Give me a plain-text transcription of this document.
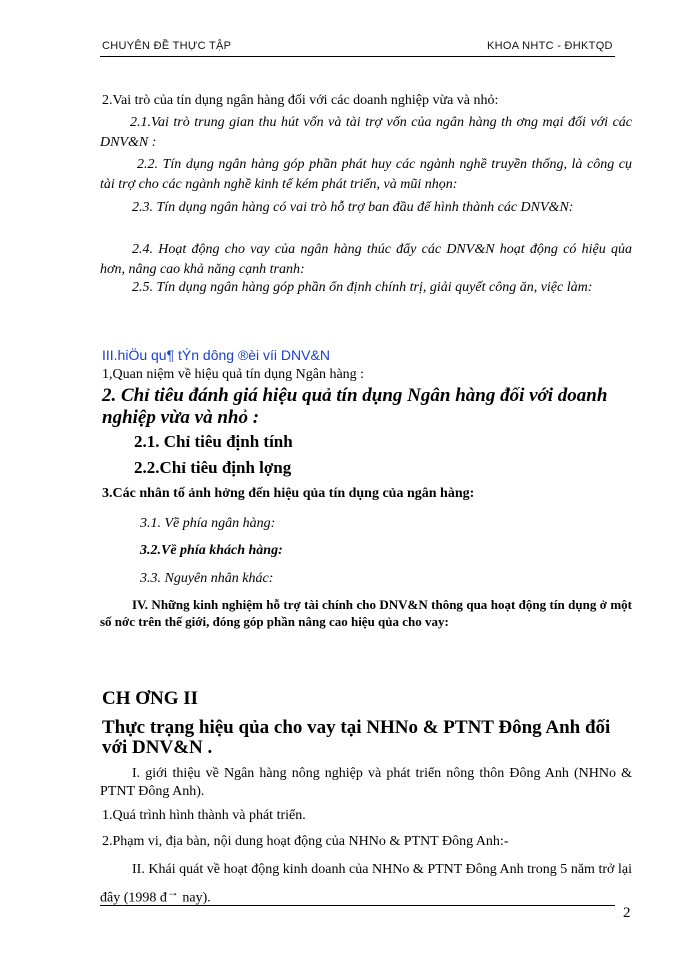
CHUYÊN ĐỀ THỰC TẬP	KHOA NHTC - ĐHKTQD
2.Vai trò của tín dụng ngân hàng đối với các doanh nghiệp vừa và nhỏ:
2.1.Vai trò trung gian thu hút vốn và tài trợ vốn của ngân hàng th ơng mại đối với các DNV&N :
2.2. Tín dụng ngân hàng góp phần phát huy các ngành nghề truyền thống, là công cụ tài trợ cho các ngành nghề kinh tế kém phát triển, và mũi nhọn:
2.3. Tín dụng ngân hàng có vai trò hỗ trợ ban đầu để hình thành các DNV&N:
2.4. Hoạt động cho vay của ngân hàng thúc đẩy các DNV&N hoạt động có hiệu qủa hơn, nâng cao khả năng cạnh tranh:
2.5. Tín dụng ngân hàng góp phần ổn định chính trị, giải quyết công ăn, việc làm:
III.hiÖu qu¶ tÝn dông ®èi víi DNV&N
1,Quan niệm về hiệu quả tín dụng Ngân hàng :
2. Chỉ tiêu đánh giá hiệu quả tín dụng Ngân hàng đối với doanh nghiệp vừa và nhỏ :
2.1. Chỉ tiêu định tính
2.2.Chỉ tiêu định lợng
3.Các nhân tố ảnh hởng đến hiệu qủa tín dụng của ngân hàng:
3.1. Về phía ngân hàng:
3.2.Về phía khách hàng:
3.3. Nguyên nhân khác:
IV. Những kinh nghiệm hỗ trợ tài chính cho DNV&N thông qua hoạt động tín dụng ở một số nớc trên thế giới, đóng góp phần nâng cao hiệu qủa cho vay:
CH ƠNG II
Thực trạng hiệu qủa cho vay tại NHNo & PTNT Đông Anh đối với DNV&N .
I. giới thiệu về Ngân hàng nông nghiệp và phát triển nông thôn Đông Anh (NHNo & PTNT Đông Anh).
1.Quá trình hình thành và phát triển.
2.Phạm vi, địa bàn, nội dung hoạt động của NHNo & PTNT Đông Anh:-
II. Khái quát về hoạt động kinh doanh của NHNo & PTNT Đông Anh trong 5 năm trở lại đây (1998 đ→ nay).
2
